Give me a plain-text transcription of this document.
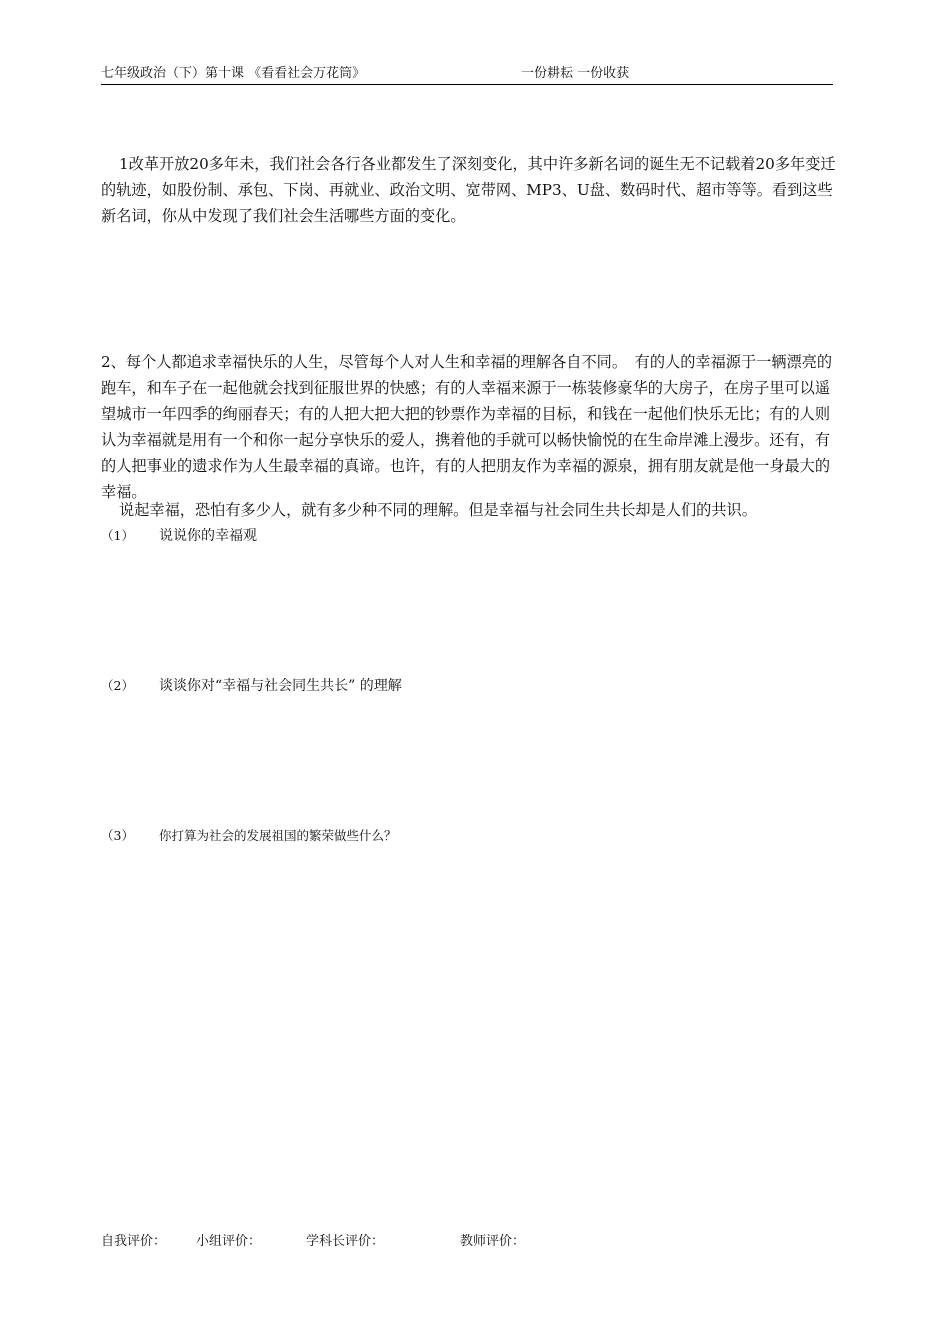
七年级政治（下）第十课 《看看社会万花筒》	一份耕耘 一份收获

1改革开放20多年未，我们社会各行各业都发生了深刻变化，其中许多新名词的诞生无不记载着20多年变迁的轨迹，如股份制、承包、下岗、再就业、政治文明、宽带网、MP3、U盘、数码时代、超市等等。看到这些新名词，你从中发现了我们社会生活哪些方面的变化。

2、每个人都追求幸福快乐的人生，尽管每个人对人生和幸福的理解各自不同。　有的人的幸福源于一辆漂亮的跑车，和车子在一起他就会找到征服世界的快感；有的人幸福来源于一栋装修豪华的大房子，在房子里可以遥望城市一年四季的绚丽春天；有的人把大把大把的钞票作为幸福的目标，和钱在一起他们快乐无比；有的人则认为幸福就是用有一个和你一起分享快乐的爱人，携着他的手就可以畅快愉悦的在生命岸滩上漫步。还有，有的人把事业的遗求作为人生最幸福的真谛。也许，有的人把朋友作为幸福的源泉，拥有朋友就是他一身最大的幸福。

说起幸福，恐怕有多少人，就有多少种不同的理解。但是幸福与社会同生共长却是人们的共识。

（1） 说说你的幸福观
（2） 谈谈你对“幸福与社会同生共长” 的理解
（3） 你打算为社会的发展祖国的繁荣做些什么？
自我评价： 小组评价：	学科长评价：	教师评价：
